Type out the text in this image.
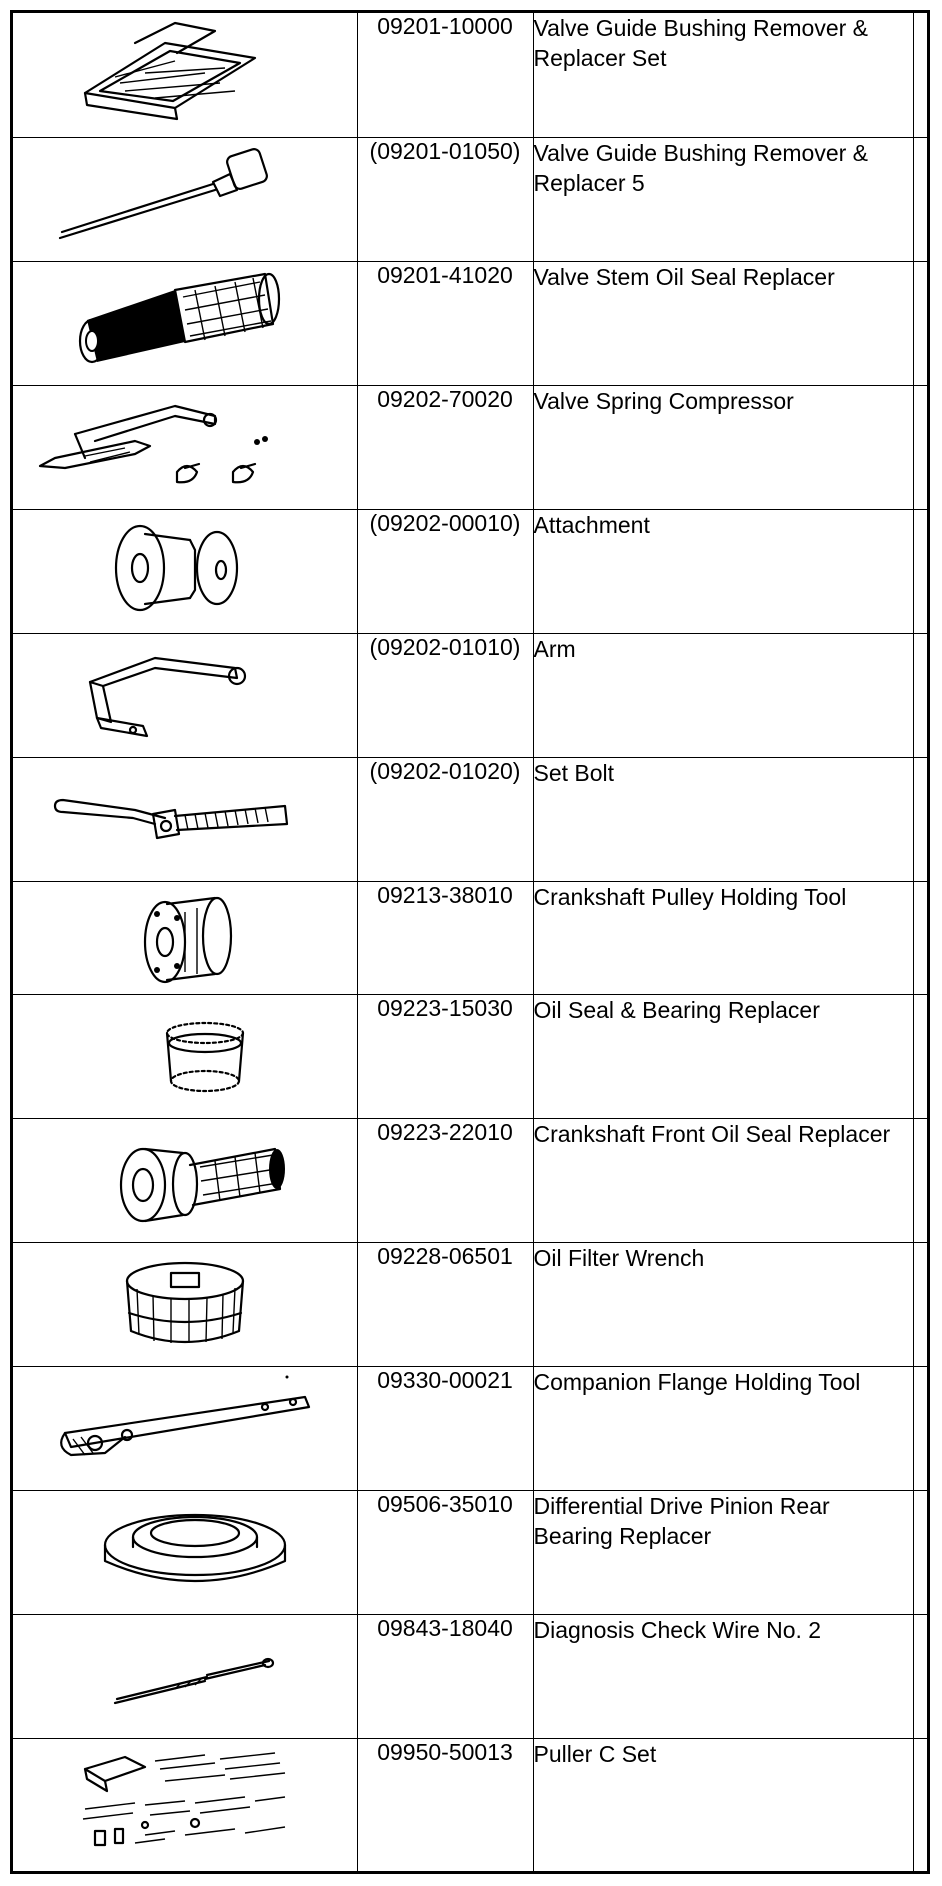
	09201-10000	Valve Guide Bushing Remover & Replacer Set	

	(09201-01050)	Valve Guide Bushing Remover & Replacer 5	

	09201-41020	Valve Stem Oil Seal Replacer	

	09202-70020	Valve Spring Compressor	

	(09202-00010)	Attachment	

	(09202-01010)	Arm	

	(09202-01020)	Set Bolt	

	09213-38010	Crankshaft Pulley Holding Tool	

	09223-15030	Oil Seal & Bearing Replacer	

	09223-22010	Crankshaft Front Oil Seal Replacer	

	09228-06501	Oil Filter Wrench	

	09330-00021	Companion Flange Holding Tool	

	09506-35010	Differential Drive Pinion Rear Bearing Replacer	

	09843-18040	Diagnosis Check Wire No. 2	

	09950-50013	Puller C Set	
